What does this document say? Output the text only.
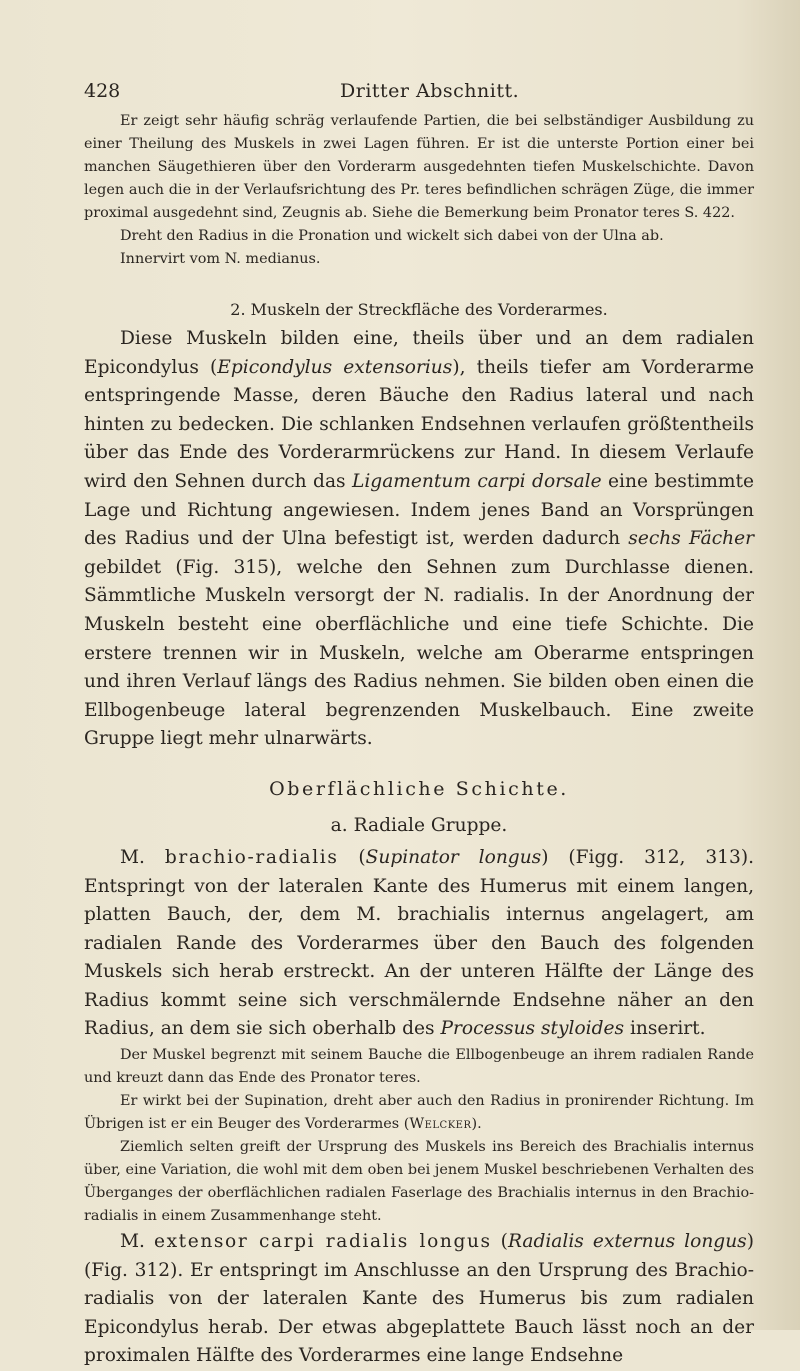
428	Dritter Abschnitt.

Er zeigt sehr häufig schräg verlaufende Partien, die bei selbständiger Ausbildung zu einer Theilung des Muskels in zwei Lagen führen. Er ist die unterste Portion einer bei manchen Säugethieren über den Vorderarm ausgedehnten tiefen Muskelschichte. Davon legen auch die in der Verlaufsrichtung des Pr. teres befindlichen schrägen Züge, die immer proximal ausgedehnt sind, Zeugnis ab. Siehe die Bemerkung beim Pronator teres S. 422.

Dreht den Radius in die Pronation und wickelt sich dabei von der Ulna ab.

Innervirt vom N. medianus.

2. Muskeln der Streckfläche des Vorderarmes.

Diese Muskeln bilden eine, theils über und an dem radialen Epicondylus (Epicondylus extensorius), theils tiefer am Vorderarme entspringende Masse, deren Bäuche den Radius lateral und nach hinten zu bedecken. Die schlanken Endsehnen verlaufen größtentheils über das Ende des Vorderarmrückens zur Hand. In diesem Verlaufe wird den Sehnen durch das Ligamentum carpi dorsale eine bestimmte Lage und Richtung angewiesen. Indem jenes Band an Vorsprüngen des Radius und der Ulna befestigt ist, werden dadurch sechs Fächer gebildet (Fig. 315), welche den Sehnen zum Durchlasse dienen. Sämmtliche Muskeln versorgt der N. radialis. In der Anordnung der Muskeln besteht eine oberflächliche und eine tiefe Schichte. Die erstere trennen wir in Muskeln, welche am Oberarme entspringen und ihren Verlauf längs des Radius nehmen. Sie bilden oben einen die Ellbogenbeuge lateral begrenzenden Muskelbauch. Eine zweite Gruppe liegt mehr ulnarwärts.

Oberflächliche Schichte.
a. Radiale Gruppe.

M. brachio-radialis (Supinator longus) (Figg. 312, 313). Entspringt von der lateralen Kante des Humerus mit einem langen, platten Bauch, der, dem M. brachialis internus angelagert, am radialen Rande des Vorderarmes über den Bauch des folgenden Muskels sich herab erstreckt. An der unteren Hälfte der Länge des Radius kommt seine sich verschmälernde Endsehne näher an den Radius, an dem sie sich oberhalb des Processus styloides inserirt.

Der Muskel begrenzt mit seinem Bauche die Ellbogenbeuge an ihrem radialen Rande und kreuzt dann das Ende des Pronator teres.

Er wirkt bei der Supination, dreht aber auch den Radius in pronirender Richtung. Im Übrigen ist er ein Beuger des Vorderarmes (Welcker).

Ziemlich selten greift der Ursprung des Muskels ins Bereich des Brachialis internus über, eine Variation, die wohl mit dem oben bei jenem Muskel beschriebenen Verhalten des Überganges der oberflächlichen radialen Faserlage des Brachialis internus in den Brachio-radialis in einem Zusammenhange steht.

M. extensor carpi radialis longus (Radialis externus longus) (Fig. 312). Er entspringt im Anschlusse an den Ursprung des Brachio-radialis von der lateralen Kante des Humerus bis zum radialen Epicondylus herab. Der etwas abgeplattete Bauch lässt noch an der proximalen Hälfte des Vorderarmes eine lange Endsehne
